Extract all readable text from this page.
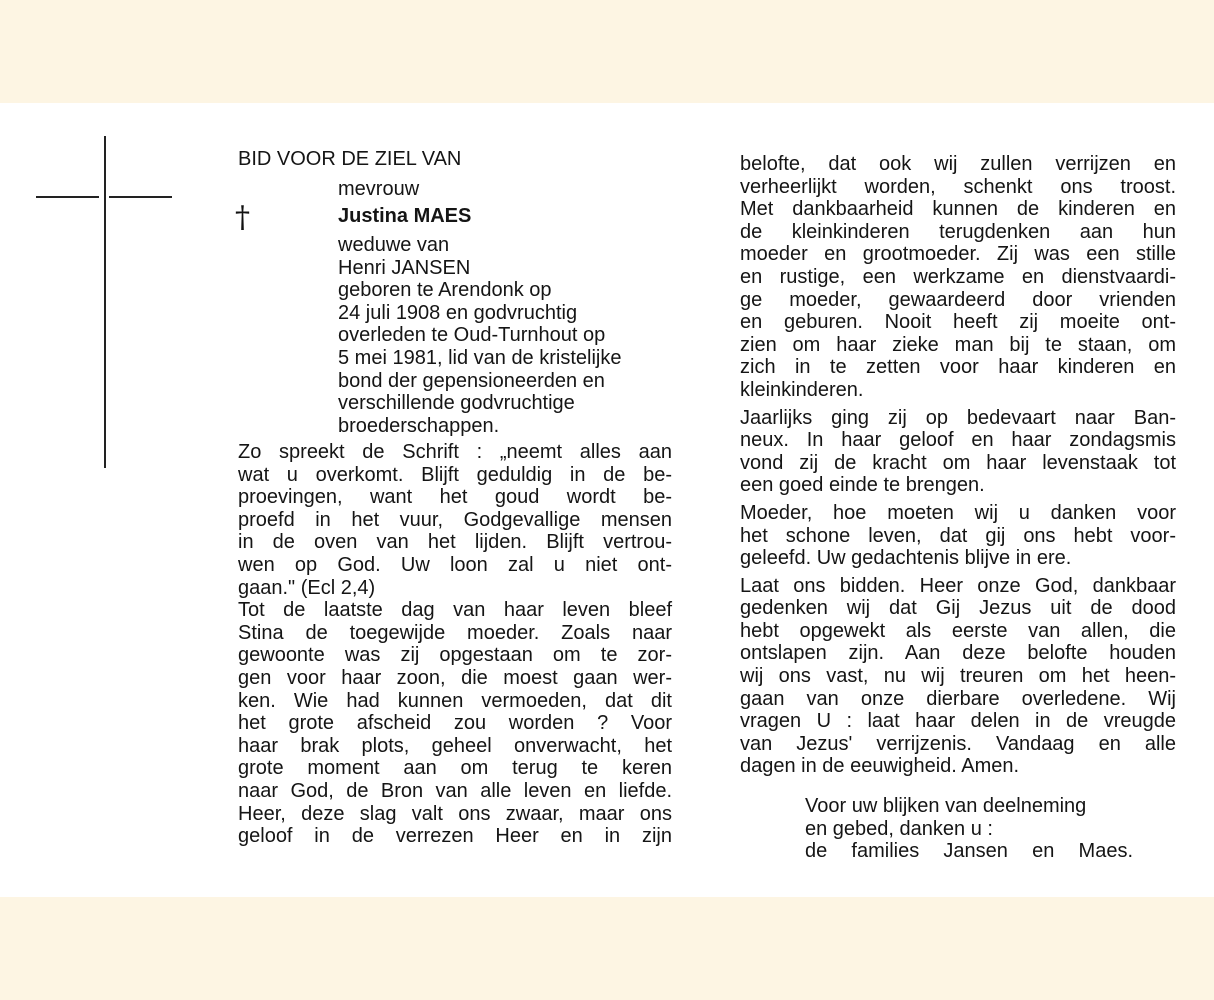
†
BID VOOR DE ZIEL VAN
mevrouw
Justina MAES
weduwe van
Henri JANSEN
geboren te Arendonk op
24 juli 1908 en godvruchtig
overleden te Oud-Turnhout op
5 mei 1981, lid van de kristelijke
bond der gepensioneerden en
verschillende godvruchtige
broederschappen.
Zo spreekt de Schrift : „neemt alles aan
wat u overkomt. Blijft geduldig in de be-
proevingen, want het goud wordt be-
proefd in het vuur, Godgevallige mensen
in de oven van het lijden. Blijft vertrou-
wen op God. Uw loon zal u niet ont-
gaan." (Ecl 2,4)
Tot de laatste dag van haar leven bleef
Stina de toegewijde moeder. Zoals naar
gewoonte was zij opgestaan om te zor-
gen voor haar zoon, die moest gaan wer-
ken. Wie had kunnen vermoeden, dat dit
het grote afscheid zou worden ? Voor
haar brak plots, geheel onverwacht, het
grote moment aan om terug te keren
naar God, de Bron van alle leven en liefde.
Heer, deze slag valt ons zwaar, maar ons
geloof in de verrezen Heer en in zijn
belofte, dat ook wij zullen verrijzen en
verheerlijkt worden, schenkt ons troost.
Met dankbaarheid kunnen de kinderen en
de kleinkinderen terugdenken aan hun
moeder en grootmoeder. Zij was een stille
en rustige, een werkzame en dienstvaardi-
ge moeder, gewaardeerd door vrienden
en geburen. Nooit heeft zij moeite ont-
zien om haar zieke man bij te staan, om
zich in te zetten voor haar kinderen en
kleinkinderen.
Jaarlijks ging zij op bedevaart naar Ban-
neux. In haar geloof en haar zondagsmis
vond zij de kracht om haar levenstaak tot
een goed einde te brengen.
Moeder, hoe moeten wij u danken voor
het schone leven, dat gij ons hebt voor-
geleefd. Uw gedachtenis blijve in ere.
Laat ons bidden. Heer onze God, dankbaar
gedenken wij dat Gij Jezus uit de dood
hebt opgewekt als eerste van allen, die
ontslapen zijn. Aan deze belofte houden
wij ons vast, nu wij treuren om het heen-
gaan van onze dierbare overledene. Wij
vragen U : laat haar delen in de vreugde
van Jezus' verrijzenis. Vandaag en alle
dagen in de eeuwigheid. Amen.
Voor uw blijken van deelneming
en gebed, danken u :
de families Jansen en Maes.
